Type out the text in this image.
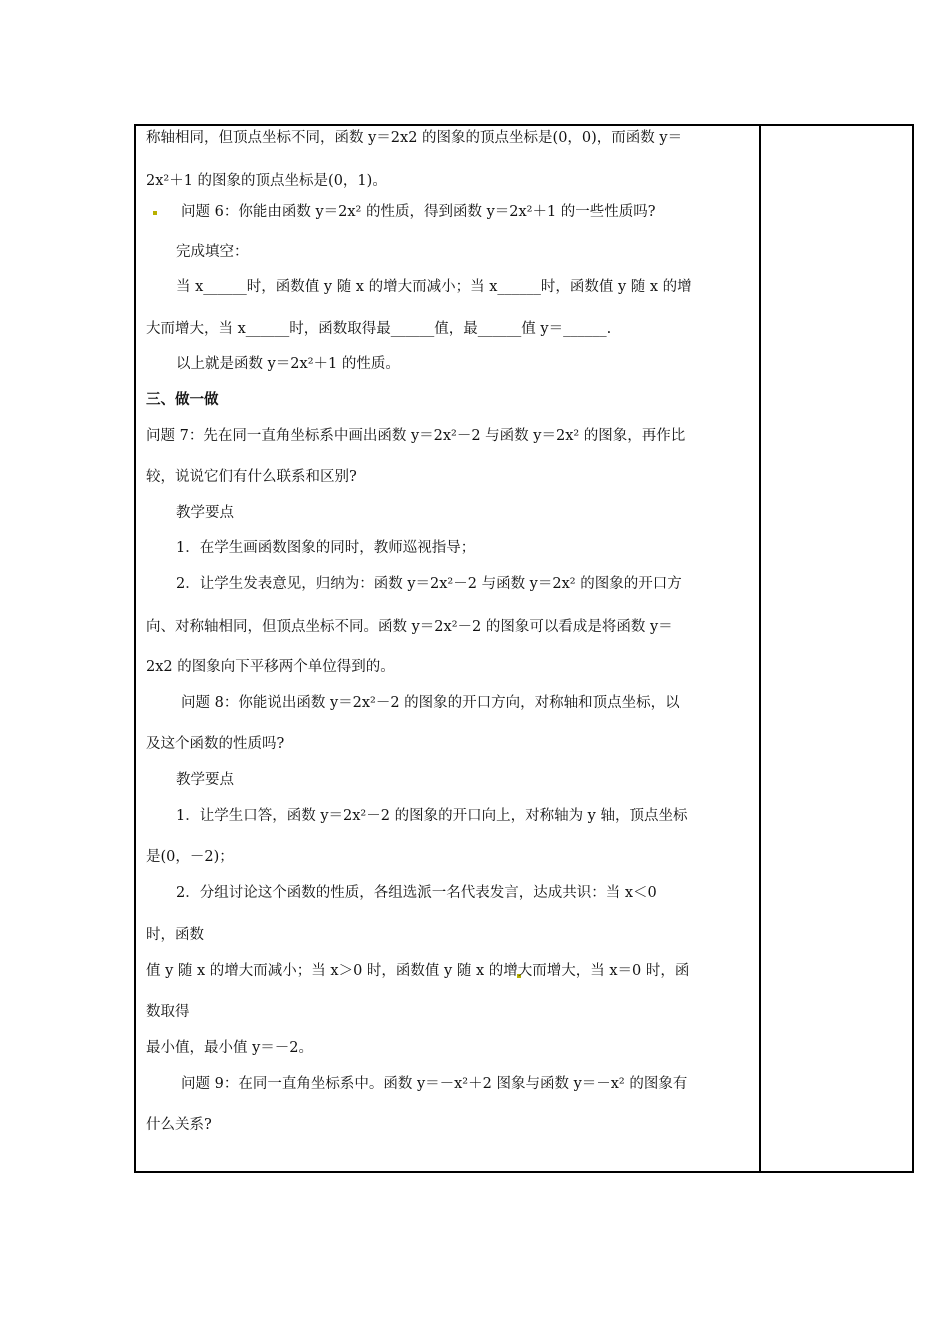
称轴相同，但顶点坐标不同，函数 y＝2x2 的图象的顶点坐标是(0，0)，而函数 y＝
2x²＋1 的图象的顶点坐标是(0，1)。
问题 6：你能由函数 y＝2x² 的性质，得到函数 y＝2x²＋1 的一些性质吗?
完成填空：
当 x______时，函数值 y 随 x 的增大而减小；当 x______时，函数值 y 随 x 的增
大而增大，当 x______时，函数取得最______值，最______值 y＝______.
以上就是函数 y＝2x²＋1 的性质。
三、做一做
问题 7：先在同一直角坐标系中画出函数 y＝2x²－2 与函数 y＝2x² 的图象，再作比
较，说说它们有什么联系和区别?
教学要点
1．在学生画函数图象的同时，教师巡视指导；
2．让学生发表意见，归纳为：函数 y＝2x²－2 与函数 y＝2x² 的图象的开口方
向、对称轴相同，但顶点坐标不同。函数 y＝2x²－2 的图象可以看成是将函数 y＝
2x2 的图象向下平移两个单位得到的。
问题 8：你能说出函数 y＝2x²－2 的图象的开口方向，对称轴和顶点坐标，以
及这个函数的性质吗?
教学要点
1．让学生口答，函数 y＝2x²－2 的图象的开口向上，对称轴为 y 轴，顶点坐标
是(0，－2)；
2．分组讨论这个函数的性质，各组选派一名代表发言，达成共识：当 x＜0
时，函数
值 y 随 x 的增大而减小；当 x＞0 时，函数值 y 随 x 的增大而增大，当 x＝0 时，函
数取得
最小值，最小值 y＝－2。
问题 9：在同一直角坐标系中。函数 y＝－x²＋2 图象与函数 y＝－x² 的图象有
什么关系?
